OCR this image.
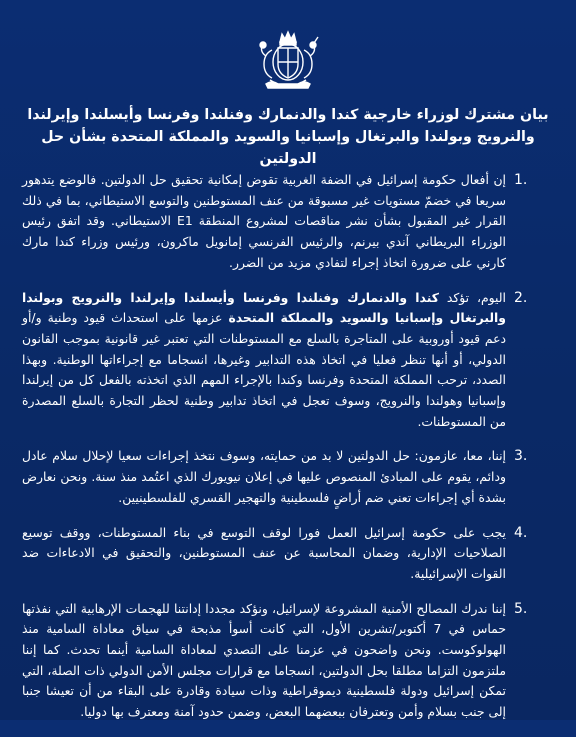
بيان مشترك لوزراء خارجية كندا والدنمارك وفنلندا وفرنسا وأيسلندا وإيرلندا والنرويج وبولندا والبرتغال وإسبانيا والسويد والمملكة المتحدة بشأن حل الدولتين
1.

إن أفعال حكومة إسرائيل في الضفة الغربية تقوض إمكانية تحقيق حل الدولتين. فالوضع يتدهور سريعا في خضمّ مستويات غير مسبوقة من عنف المستوطنين والتوسع الاستيطاني، بما في ذلك القرار غير المقبول بشأن نشر مناقصات لمشروع المنطقة E1 الاستيطاني. وقد اتفق رئيس الوزراء البريطاني آندي بيرنم، والرئيس الفرنسي إمانويل ماكرون، ورئيس وزراء كندا مارك كارني على ضرورة اتخاذ إجراء لتفادي مزيد من الضرر.

2.

اليوم، تؤكد كندا والدنمارك وفنلندا وفرنسا وأيسلندا وإيرلندا والنرويج وبولندا والبرتغال وإسبانيا والسويد والمملكة المتحدة عزمها على استحداث قيود وطنية و/أو دعم قيود أوروبية على المتاجرة بالسلع مع المستوطنات التي تعتبر غير قانونية بموجب القانون الدولي، أو أنها تنظر فعليا في اتخاذ هذه التدابير وغيرها، انسجاما مع إجراءاتها الوطنية. وبهذا الصدد، ترحب المملكة المتحدة وفرنسا وكندا بالإجراء المهم الذي اتخذته بالفعل كل من إيرلندا وإسبانيا وهولندا والنرويج، وسوف تعجل في اتخاذ تدابير وطنية لحظر التجارة بالسلع المصدرة من المستوطنات.

3.

إننا، معا، عازمون: حل الدولتين لا بد من حمايته، وسوف نتخذ إجراءات سعيا لإحلال سلام عادل ودائم، يقوم على المبادئ المنصوص عليها في إعلان نيويورك الذي اعتُمد منذ سنة. ونحن نعارض بشدة أي إجراءات تعني ضم أراضٍ فلسطينية والتهجير القسري للفلسطينيين.

4.

يجب على حكومة إسرائيل العمل فورا لوقف التوسع في بناء المستوطنات، ووقف توسيع الصلاحيات الإدارية، وضمان المحاسبة عن عنف المستوطنين، والتحقيق في الادعاءات ضد القوات الإسرائيلية.

5.

إننا ندرك المصالح الأمنية المشروعة لإسرائيل، ونؤكد مجددا إدانتنا للهجمات الإرهابية التي نفذتها حماس في 7 أكتوبر/تشرين الأول، التي كانت أسوأ مذبحة في سياق معاداة السامية منذ الهولوكوست. ونحن واضحون في عزمنا على التصدي لمعاداة السامية أينما تحدث. كما إننا ملتزمون التزاما مطلقا بحل الدولتين، انسجاما مع قرارات مجلس الأمن الدولي ذات الصلة، التي تمكن إسرائيل ودولة فلسطينية ديموقراطية وذات سيادة وقادرة على البقاء من أن تعيشا جنبا إلى جنب بسلام وأمن وتعترفان ببعضهما البعض، وضمن حدود آمنة ومعترف بها دوليا.
